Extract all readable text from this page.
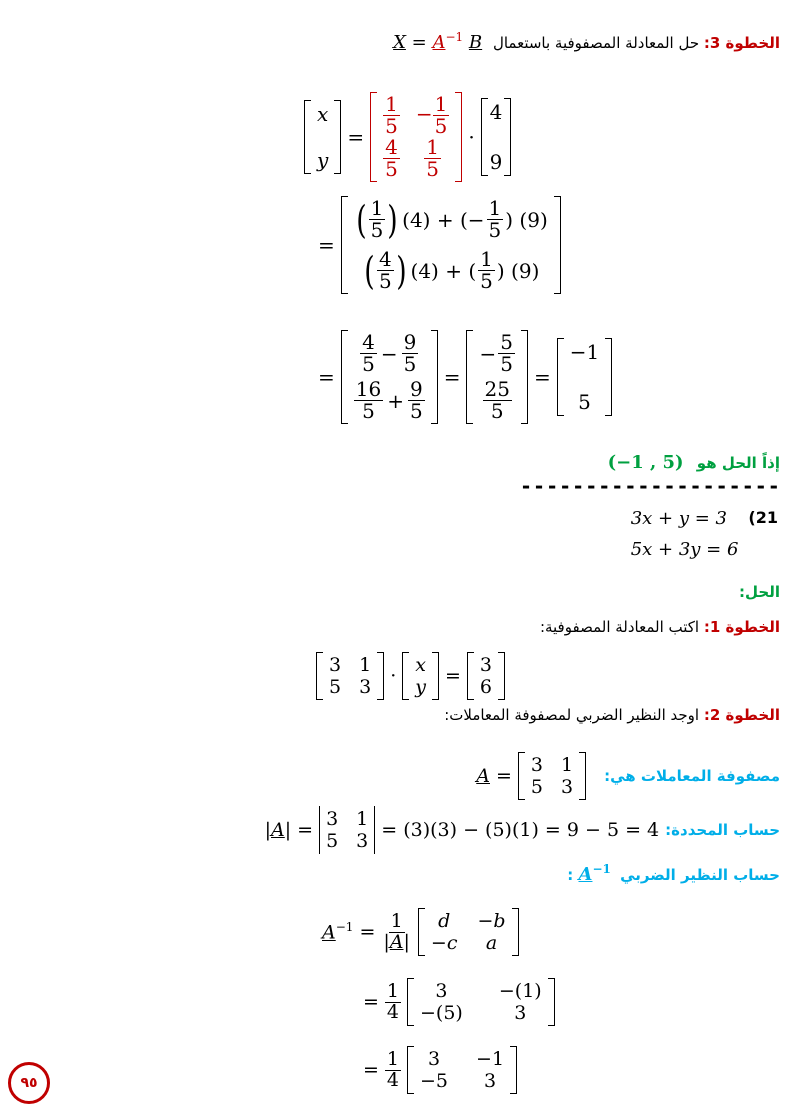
الخطوة 3: حل المعادلة المصفوفية باستعمال $X = A^{-1}$ B
x
y
= $\frac{1}{5} - \frac{1}{5}$
$\frac{4}{5} \frac{1}{5}$ ·
4
9
=
( $\frac{1}{5}$ ) (4) + (− $\frac{1}{5}$ ) (9)
( $\frac{4}{5}$ ) (4) + ( $\frac{1}{5}$ ) (9)
=
$\frac{4}{5} - \frac{9}{5}$
$\frac{16}{5} + \frac{9}{5}$
=
− $\frac{5}{5}$
$\frac{25}{5}$
=
−1
5
إذاً الحل هو (−1 , 5)
--------------------
3x + y = 3
5x + 3y = 6
(21
الحل:
الخطوة 1: اكتب المعادلة المصفوفية:
3 1
5 3 · x
y = 3
6
الخطوة 2: اوجد النظير الضربي لمصفوفة المعاملات:
مصفوفة المعاملات هي:
A = 3 1
5 3
حساب المحددة:
|A| = 3 1
5 3 = (3)(3) − (5)(1) = 9 − 5 = 4
حساب النظير الضربي $A^{-1}$ :
$A^{-1} = \frac{1}{|A|}$ d −b
−c a
= $\frac{1}{4} 3$	−(1)
−(5)	3
= $\frac{1}{4} 3 -1$
−5 3
٩٥
